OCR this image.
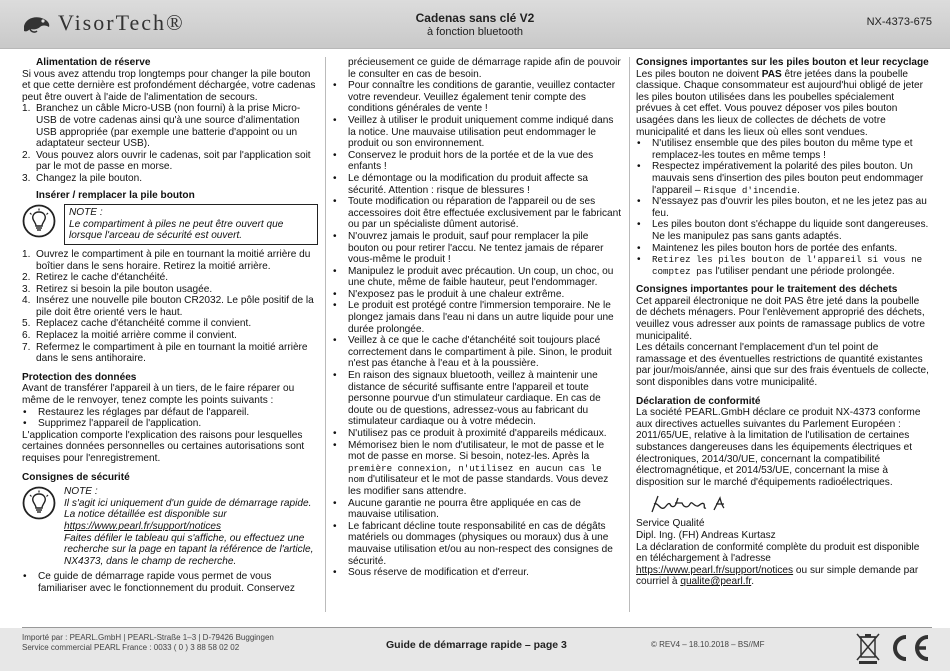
VisorTech®	Cadenas sans clé V2
à fonction bluetooth
NX-4373-675

Alimentation de réserve

Si vous avez attendu trop longtemps pour changer la pile bouton et que cette dernière est profondément déchargée, votre cadenas peut être ouvert à l'aide de l'alimentation de secours.

1. Branchez un câble Micro-USB (non fourni) à la prise Micro-USB de votre cadenas ainsi qu'à une source d'alimentation USB appropriée (par exemple une batterie d'appoint ou un adaptateur secteur USB).
2. Vous pouvez alors ouvrir le cadenas, soit par l'application soit par le mot de passe en morse.
3. Changez la pile bouton.

Insérer / remplacer la pile bouton

NOTE :
Le compartiment à piles ne peut être ouvert que lorsque l'arceau de sécurité est ouvert.
1. Ouvrez le compartiment à pile en tournant la moitié arrière du boîtier dans le sens horaire. Retirez la moitié arrière.
2. Retirez le cache d'étanchéité.
3. Retirez si besoin la pile bouton usagée.
4. Insérez une nouvelle pile bouton CR2032. Le pôle positif de la pile doit être orienté vers le haut.
5. Replacez cache d'étanchéité comme il convient.
6. Replacez la moitié arrière comme il convient.
7. Refermez le compartiment à pile en tournant la moitié arrière dans le sens antihoraire.

Protection des données

Avant de transférer l'appareil à un tiers, de le faire réparer ou même de le renvoyer, tenez compte les points suivants :

•	Restaurez les réglages par défaut de l'appareil.
•	Supprimez l'appareil de l'application.

L'application comporte l'explication des raisons pour lesquelles certaines données personnelles ou certaines autorisations sont requises pour l'enregistrement.

Consignes de sécurité

NOTE :
Il s'agit ici uniquement d'un guide de démarrage rapide. La notice détaillée est disponible sur
https://www.pearl.fr/support/notices
Faites défiler le tableau qui s'affiche, ou effectuez une recherche sur la page en tapant la référence de l'article, NX4373, dans le champ de recherche.
•	Ce guide de démarrage rapide vous permet de vous familiariser avec le fonctionnement du produit. Conservez

précieusement ce guide de démarrage rapide afin de pouvoir le consulter en cas de besoin.

•	Pour connaître les conditions de garantie, veuillez contacter votre revendeur. Veuillez également tenir compte des conditions générales de vente !
•	Veillez à utiliser le produit uniquement comme indiqué dans la notice. Une mauvaise utilisation peut endommager le produit ou son environnement.
•	Conservez le produit hors de la portée et de la vue des enfants !
•	Le démontage ou la modification du produit affecte sa sécurité. Attention : risque de blessures !
•	Toute modification ou réparation de l'appareil ou de ses accessoires doit être effectuée exclusivement par le fabricant ou par un spécialiste dûment autorisé.
•	N'ouvrez jamais le produit, sauf pour remplacer la pile bouton ou pour retirer l'accu. Ne tentez jamais de réparer vous-même le produit !
•	Manipulez le produit avec précaution. Un coup, un choc, ou une chute, même de faible hauteur, peut l'endommager.
•	N'exposez pas le produit à une chaleur extrême.
•	Le produit est protégé contre l'immersion temporaire. Ne le plongez jamais dans l'eau ni dans un autre liquide pour une durée prolongée.
•	Veillez à ce que le cache d'étanchéité soit toujours placé correctement dans le compartiment à pile. Sinon, le produit n'est pas étanche à l'eau et à la poussière.
•	En raison des signaux bluetooth, veillez à maintenir une distance de sécurité suffisante entre l'appareil et toute personne pourvue d'un stimulateur cardiaque. En cas de doute ou de questions, adressez-vous au fabricant du stimulateur cardiaque ou à votre médecin.
•	N'utilisez pas ce produit à proximité d'appareils médicaux.
•	Mémorisez bien le nom d'utilisateur, le mot de passe et le mot de passe en morse. Si besoin, notez-les. Après la première connexion, n'utilisez en aucun cas le nom d'utilisateur et le mot de passe standards. Vous devez les modifier sans attendre.
•	Aucune garantie ne pourra être appliquée en cas de mauvaise utilisation.
•	Le fabricant décline toute responsabilité en cas de dégâts matériels ou dommages (physiques ou moraux) dus à une mauvaise utilisation et/ou au non-respect des consignes de sécurité.
•	Sous réserve de modification et d'erreur.

Consignes importantes sur les piles bouton et leur recyclage

Les piles bouton ne doivent PAS être jetées dans la poubelle classique. Chaque consommateur est aujourd'hui obligé de jeter les piles bouton utilisées dans les poubelles spécialement prévues à cet effet. Vous pouvez déposer vos piles bouton usagées dans les lieux de collectes de déchets de votre municipalité et dans les lieux où elles sont vendues.

•	N'utilisez ensemble que des piles bouton du même type et remplacez-les toutes en même temps !
•	Respectez impérativement la polarité des piles bouton. Un mauvais sens d'insertion des piles bouton peut endommager l'appareil – Risque d'incendie.
•	N'essayez pas d'ouvrir les piles bouton, et ne les jetez pas au feu.
•	Les piles bouton dont s'échappe du liquide sont dangereuses. Ne les manipulez pas sans gants adaptés.
•	Maintenez les piles bouton hors de portée des enfants.
•	Retirez les piles bouton de l'appareil si vous ne comptez pas l'utiliser pendant une période prolongée.

Consignes importantes pour le traitement des déchets

Cet appareil électronique ne doit PAS être jeté dans la poubelle de déchets ménagers. Pour l'enlèvement approprié des déchets, veuillez vous adresser aux points de ramassage publics de votre municipalité.

Les détails concernant l'emplacement d'un tel point de ramassage et des éventuelles restrictions de quantité existantes par jour/mois/année, ainsi que sur des frais éventuels de collecte, sont disponibles dans votre municipalité.

Déclaration de conformité

La société PEARL.GmbH déclare ce produit NX-4373 conforme aux directives actuelles suivantes du Parlement Européen : 2011/65/UE, relative à la limitation de l'utilisation de certaines substances dangereuses dans les équipements électriques et électroniques, 2014/30/UE, concernant la compatibilité électromagnétique, et 2014/53/UE, concernant la mise à disposition sur le marché d'équipements radioélectriques.

Service Qualité

Dipl. Ing. (FH) Andreas Kurtasz

La déclaration de conformité complète du produit est disponible en téléchargement à l'adresse https://www.pearl.fr/support/notices ou sur simple demande par courriel à qualite@pearl.fr.

Importé par : PEARL.GmbH | PEARL-Straße 1–3 | D-79426 Buggingen
Service commercial PEARL France : 0033 ( 0 ) 3 88 58 02 02	Guide de démarrage rapide – page 3	© REV4 – 18.10.2018 – BS//MF
